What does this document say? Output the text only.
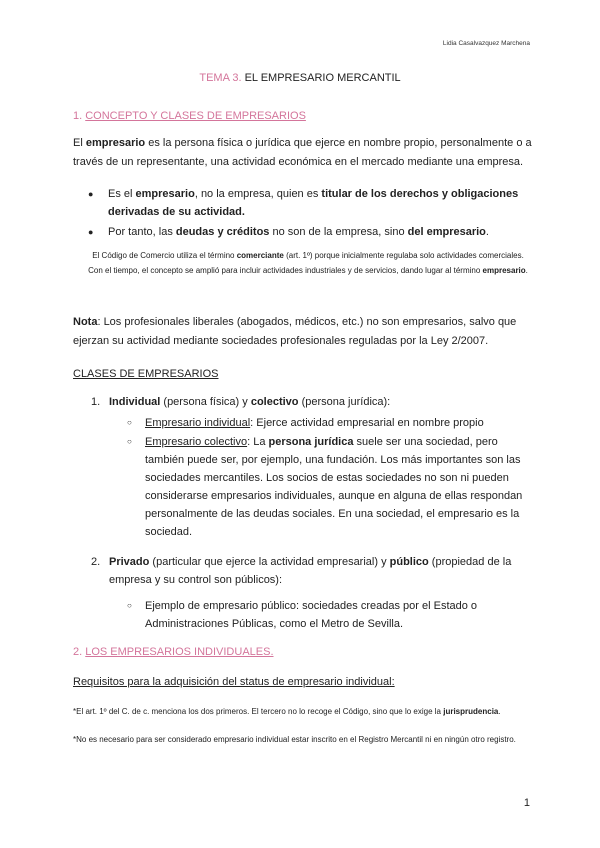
Lidia Casalvazquez Marchena
TEMA 3. EL EMPRESARIO MERCANTIL
1. CONCEPTO Y CLASES DE EMPRESARIOS

El empresario es la persona física o jurídica que ejerce en nombre propio, personalmente o a través de un representante, una actividad económica en el mercado mediante una empresa.

● Es el empresario, no la empresa, quien es titular de los derechos y obligaciones derivadas de su actividad.
● Por tanto, las deudas y créditos no son de la empresa, sino del empresario.

El Código de Comercio utiliza el término comerciante (art. 1º) porque inicialmente regulaba solo actividades comerciales. Con el tiempo, el concepto se amplió para incluir actividades industriales y de servicios, dando lugar al término empresario.

Nota: Los profesionales liberales (abogados, médicos, etc.) no son empresarios, salvo que ejerzan su actividad mediante sociedades profesionales reguladas por la Ley 2/2007.

CLASES DE EMPRESARIOS
1. Individual (persona física) y colectivo (persona jurídica):
○ Empresario individual: Ejerce actividad empresarial en nombre propio
○ Empresario colectivo: La persona jurídica suele ser una sociedad, pero también puede ser, por ejemplo, una fundación. Los más importantes son las sociedades mercantiles. Los socios de estas sociedades no son ni pueden considerarse empresarios individuales, aunque en alguna de ellas respondan personalmente de las deudas sociales. En una sociedad, el empresario es la sociedad.
2. Privado (particular que ejerce la actividad empresarial) y público (propiedad de la empresa y su control son públicos):
○ Ejemplo de empresario público: sociedades creadas por el Estado o Administraciones Públicas, como el Metro de Sevilla.
2. LOS EMPRESARIOS INDIVIDUALES.
Requisitos para la adquisición del status de empresario individual:

*El art. 1º del C. de c. menciona los dos primeros. El tercero no lo recoge el Código, sino que lo exige la jurisprudencia.

*No es necesario para ser considerado empresario individual estar inscrito en el Registro Mercantil ni en ningún otro registro.

1
